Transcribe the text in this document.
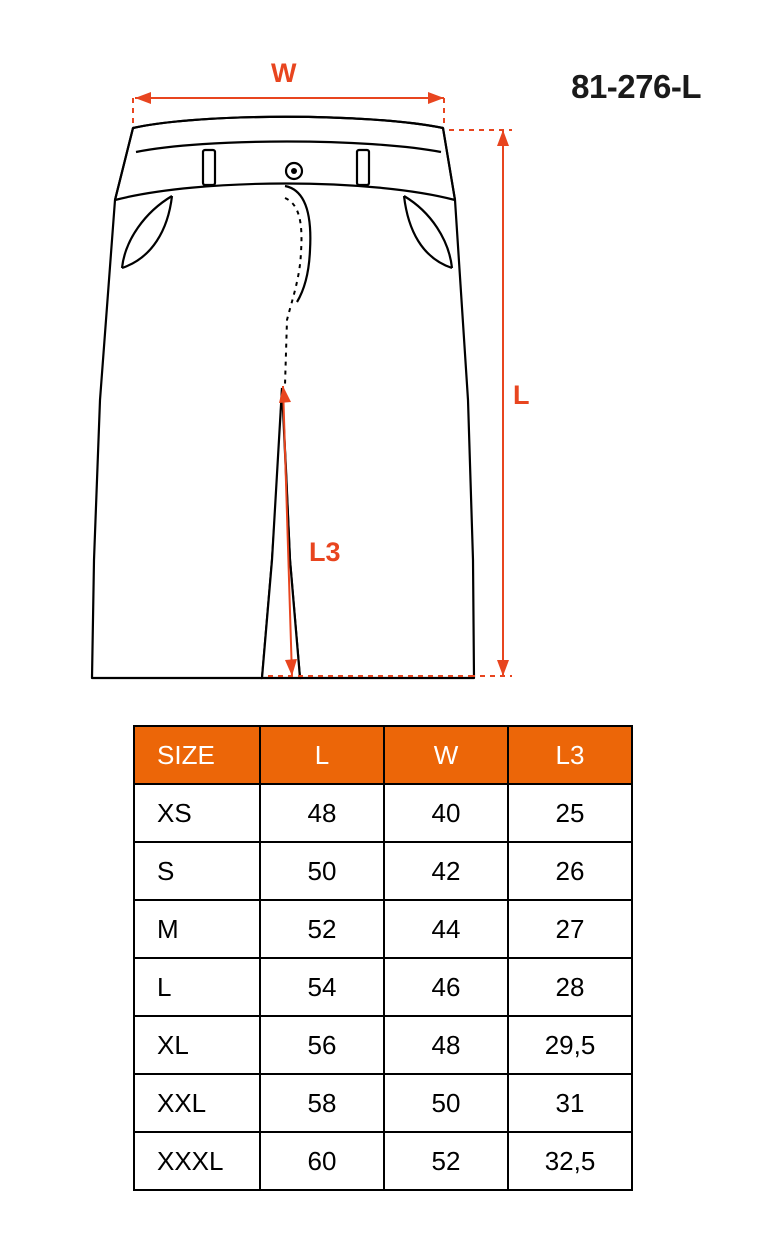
81-276-L
W
L
L3
SIZE	L	W	L3
XS	48	40	25
S	50	42	26
M	52	44	27
L	54	46	28
XL	56	48	29,5
XXL	58	50	31
XXXL	60	52	32,5
